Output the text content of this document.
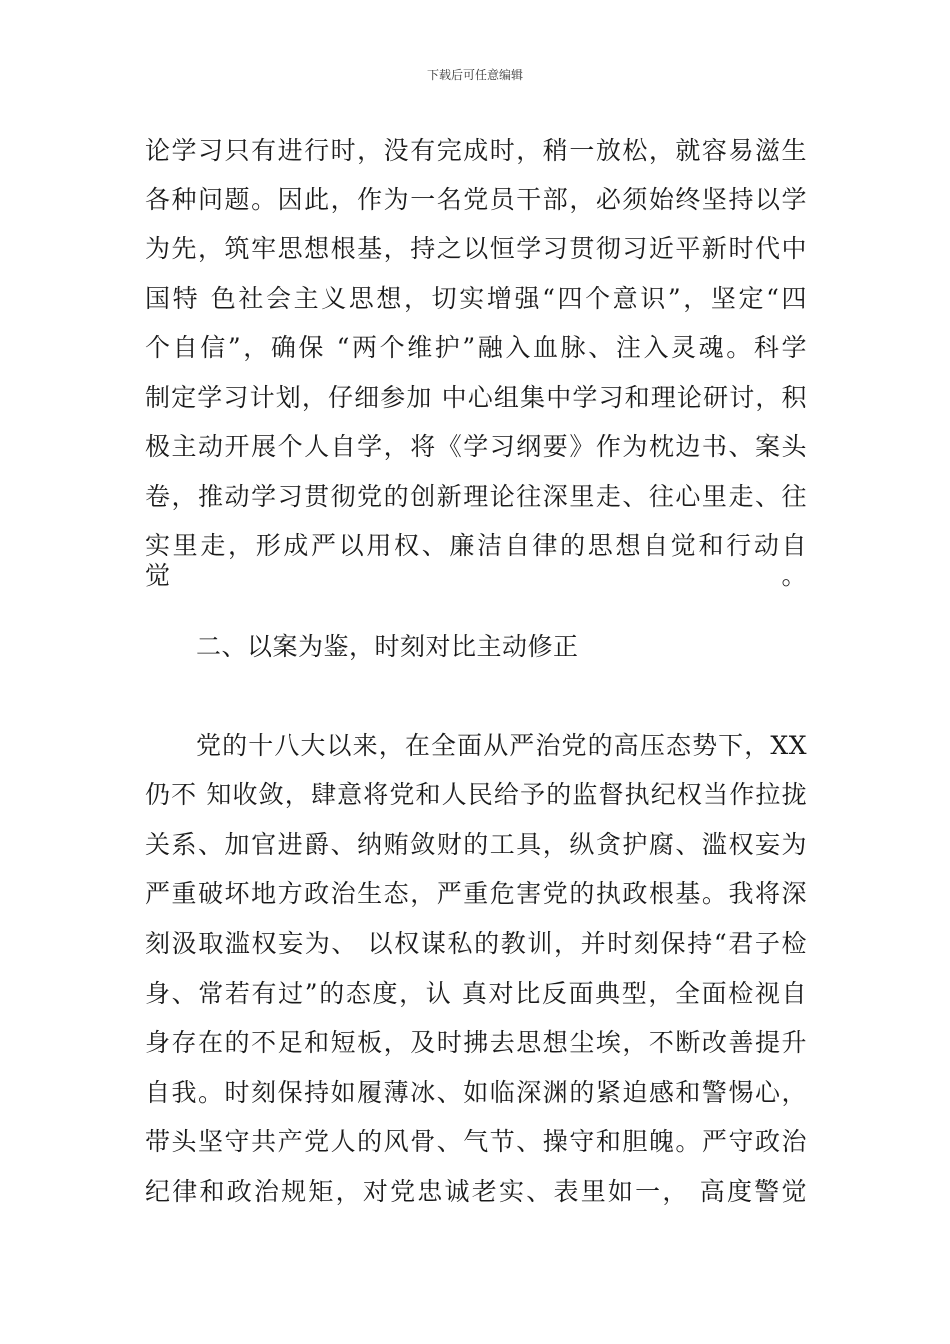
下载后可任意编辑
论学习只有进行时，没有完成时，稍一放松，就容易滋生
各种问题。因此，作为一名党员干部，必须始终坚持以学
为先，筑牢思想根基，持之以恒学习贯彻习近平新时代中
国特 色社会主义思想，切实增强“四个意识”，坚定“四
个自信”，确保 “两个维护”融入血脉、注入灵魂。科学
制定学习计划，仔细参加 中心组集中学习和理论研讨，积
极主动开展个人自学，将《学习纲要》作为枕边书、案头
卷，推动学习贯彻党的创新理论往深里走、往心里走、往
实里走，形成严以用权、廉洁自律的思想自觉和行动自觉。
二、以案为鉴，时刻对比主动修正
党的十八大以来，在全面从严治党的高压态势下，XX
仍不 知收敛，肆意将党和人民给予的监督执纪权当作拉拢
关系、加官进爵、纳贿敛财的工具，纵贪护腐、滥权妄为
严重破坏地方政治生态，严重危害党的执政根基。我将深
刻汲取滥权妄为、 以权谋私的教训，并时刻保持“君子检
身、常若有过”的态度，认 真对比反面典型，全面检视自
身存在的不足和短板，及时拂去思想尘埃，不断改善提升
自我。时刻保持如履薄冰、如临深渊的紧迫感和警惕心，
带头坚守共产党人的风骨、气节、操守和胆魄。严守政治
纪律和政治规矩，对党忠诚老实、表里如一， 高度警觉
